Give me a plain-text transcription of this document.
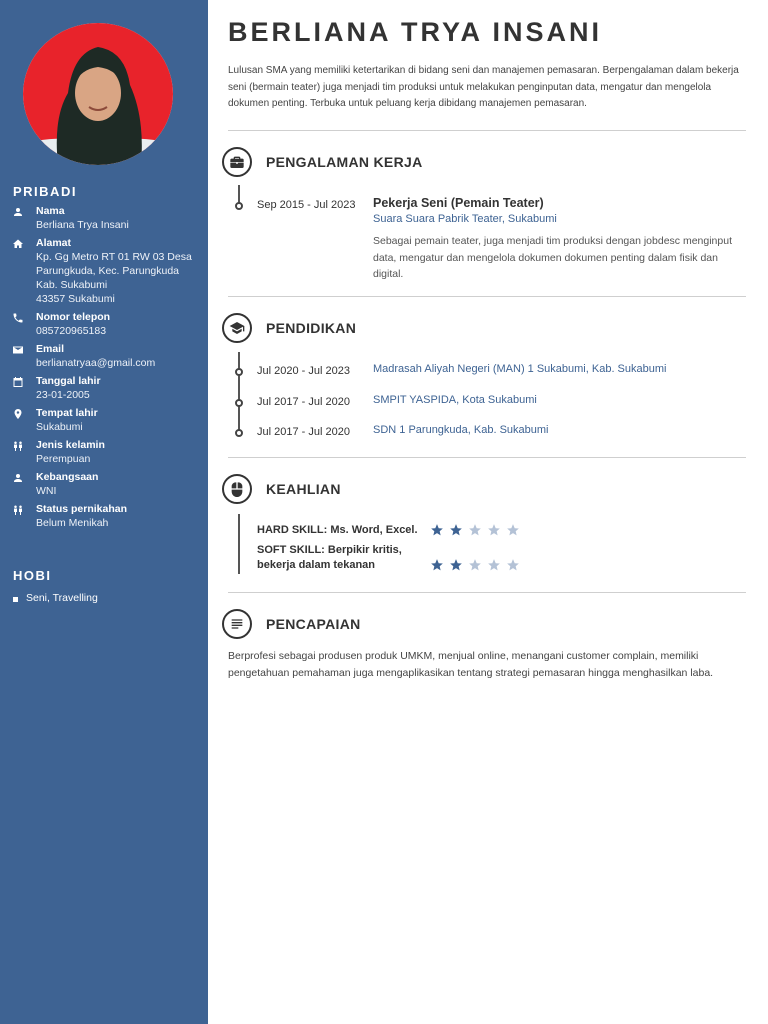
PRIBADI
Nama
Berliana Trya Insani
Alamat
Kp. Gg Metro RT 01 RW 03 Desa Parungkuda, Kec. Parungkuda Kab. Sukabumi
43357 Sukabumi
Nomor telepon
085720965183
Email
berlianatryaa@gmail.com
Tanggal lahir
23-01-2005
Tempat lahir
Sukabumi
Jenis kelamin
Perempuan
Kebangsaan
WNI
Status pernikahan
Belum Menikah
HOBI
Seni, Travelling
BERLIANA TRYA INSANI
Lulusan SMA yang memiliki ketertarikan di bidang seni dan manajemen pemasaran. Berpengalaman dalam bekerja seni (bermain teater) juga menjadi tim produksi untuk melakukan penginputan data, mengatur dan mengelola dokumen penting. Terbuka untuk peluang kerja dibidang manajemen pemasaran.
PENGALAMAN KERJA
Sep 2015 - Jul 2023 Pekerja Seni (Pemain Teater)
Suara Suara Pabrik Teater, Sukabumi
Sebagai pemain teater, juga menjadi tim produksi dengan jobdesc menginput data, mengatur dan mengelola dokumen dokumen penting dalam fisik dan digital.
PENDIDIKAN
Jul 2020 - Jul 2023 Madrasah Aliyah Negeri (MAN) 1 Sukabumi, Kab. Sukabumi
Jul 2017 - Jul 2020 SMPIT YASPIDA, Kota Sukabumi
Jul 2017 - Jul 2020 SDN 1 Parungkuda, Kab. Sukabumi
KEAHLIAN
HARD SKILL: Ms. Word, Excel.
SOFT SKILL: Berpikir kritis, bekerja dalam tekanan
PENCAPAIAN
Berprofesi sebagai produsen produk UMKM, menjual online, menangani customer complain, memiliki pengetahuan pemahaman juga mengaplikasikan tentang strategi pemasaran hingga menghasilkan laba.
